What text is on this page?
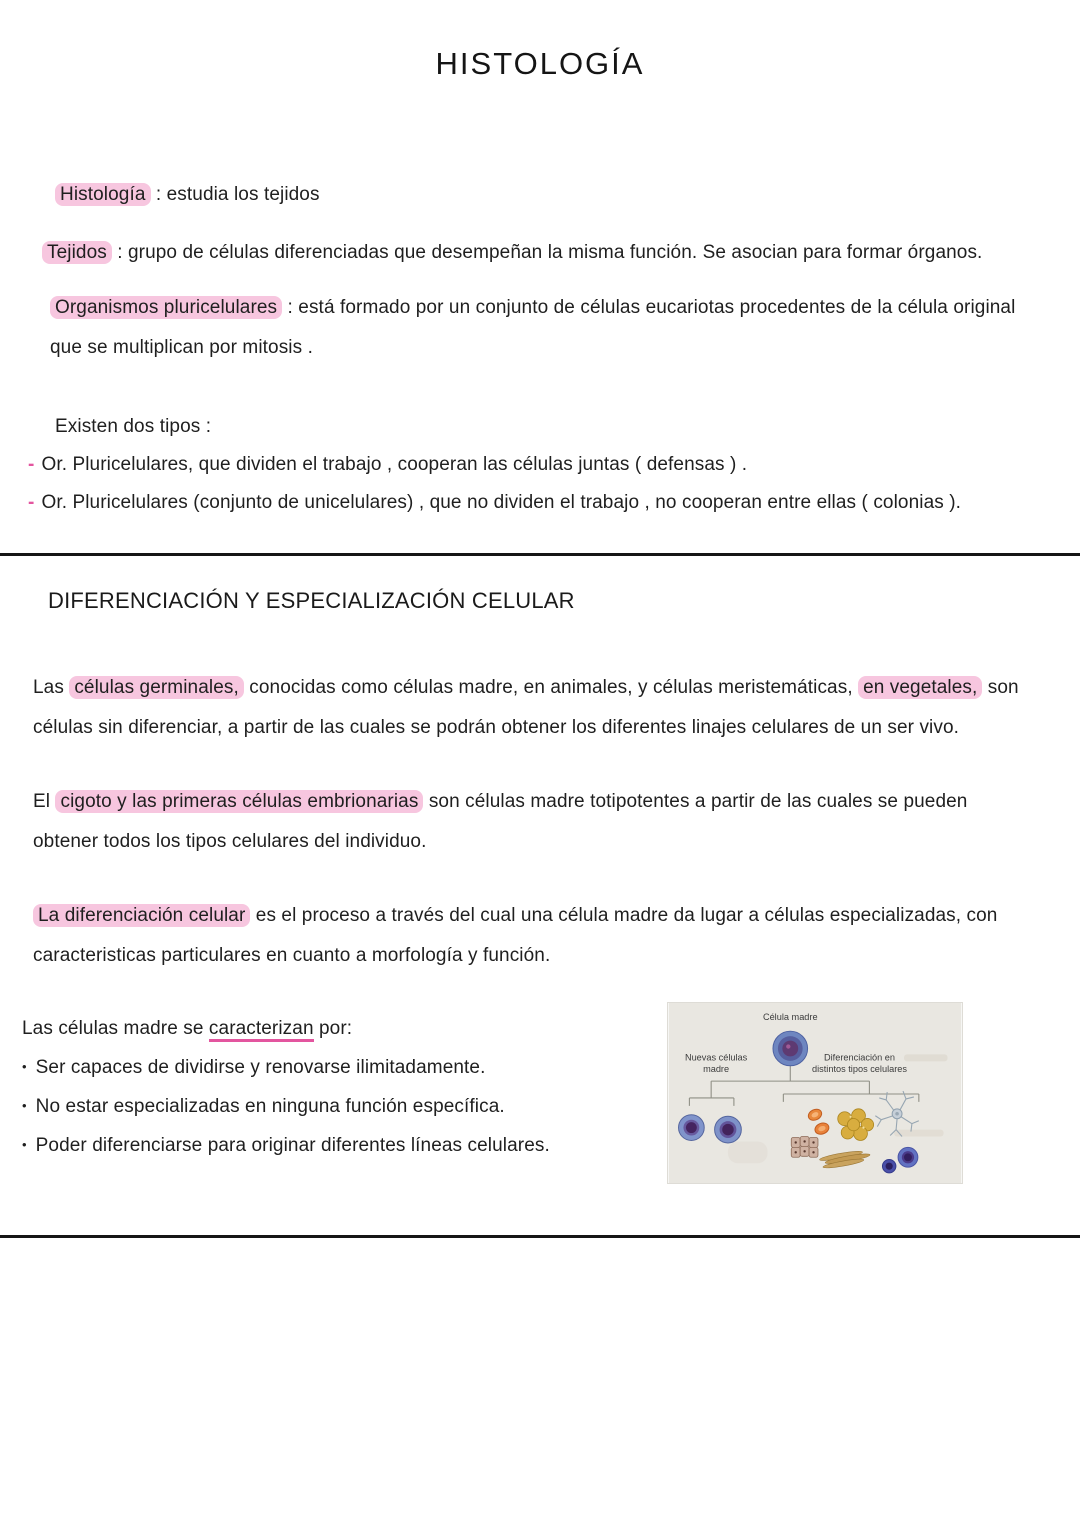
HISTOLOGÍA
Histología : estudia los tejidos
Tejidos : grupo de células diferenciadas que desempeñan la misma función. Se asocian para formar órganos.
Organismos pluricelulares : está formado por un conjunto de células eucariotas procedentes de la célula original que se multiplican por mitosis .
Existen dos tipos :
- Or. Pluricelulares, que dividen el trabajo , cooperan las células juntas ( defensas ) .
- Or. Pluricelulares (conjunto de unicelulares) , que no dividen el trabajo , no cooperan entre ellas ( colonias ).
DIFERENCIACIÓN Y ESPECIALIZACIÓN CELULAR
Las células germinales, conocidas como células madre, en animales, y células meristemáticas, en vegetales, son células sin diferenciar, a partir de las cuales se podrán obtener los diferentes linajes celulares de un ser vivo.
El cigoto y las primeras células embrionarias son células madre totipotentes a partir de las cuales se pueden obtener todos los tipos celulares del individuo.
La diferenciación celular es el proceso a través del cual una célula madre da lugar a células especializadas, con caracteristicas particulares en cuanto a morfología y función.
Las células madre se caracterizan por:
• Ser capaces de dividirse y renovarse ilimitadamente.
• No estar especializadas en ninguna función específica.
• Poder diferenciarse para originar diferentes líneas celulares.
Célula madre
Nuevas células
madre
Diferenciación en
distintos tipos celulares
